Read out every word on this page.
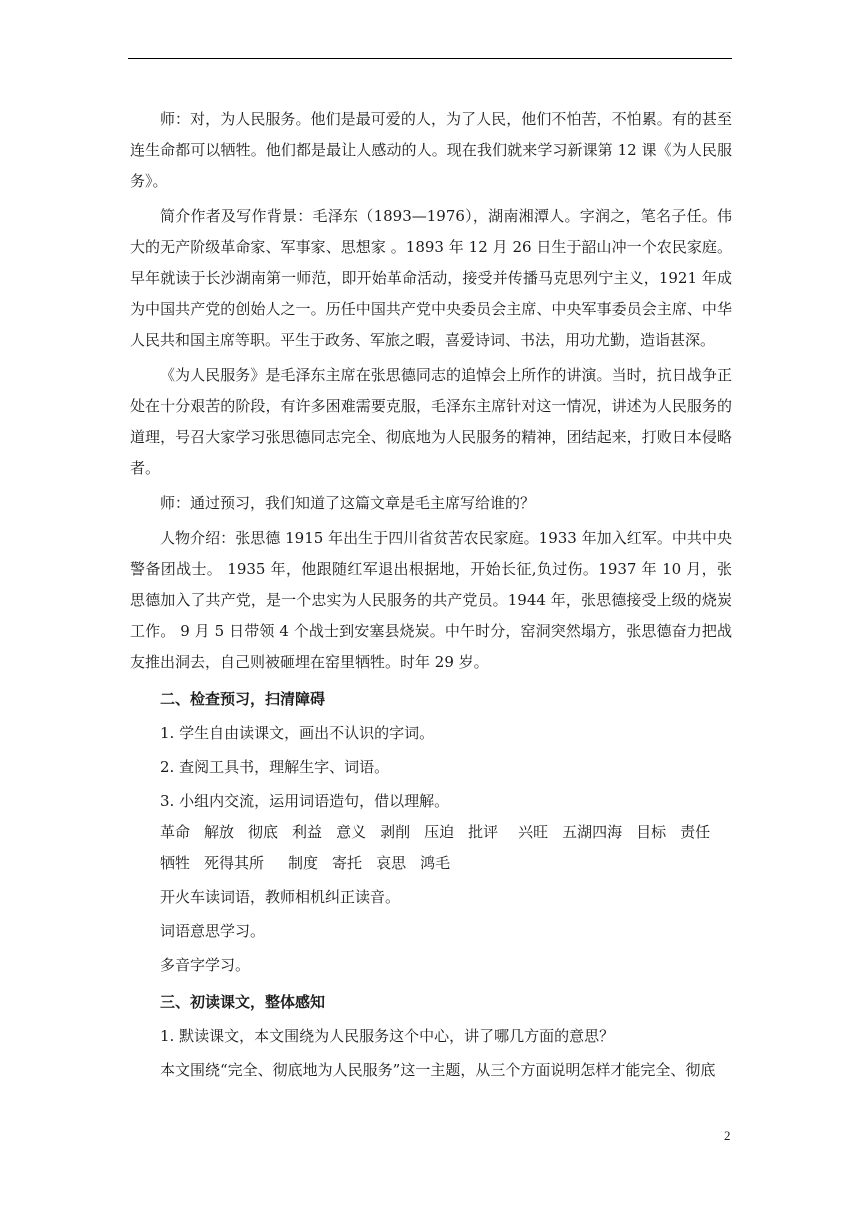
师：对，为人民服务。他们是最可爱的人，为了人民，他们不怕苦，不怕累。有的甚至连生命都可以牺牲。他们都是最让人感动的人。现在我们就来学习新课第 12 课《为人民服务》。

简介作者及写作背景：毛泽东（1893—1976），湖南湘潭人。字润之，笔名子任。伟大的无产阶级革命家、军事家、思想家 。1893 年 12 月 26 日生于韶山冲一个农民家庭。早年就读于长沙湖南第一师范，即开始革命活动，接受并传播马克思列宁主义，1921 年成为中国共产党的创始人之一。历任中国共产党中央委员会主席、中央军事委员会主席、中华人民共和国主席等职。平生于政务、军旅之暇，喜爱诗词、书法，用功尤勤，造诣甚深。

《为人民服务》是毛泽东主席在张思德同志的追悼会上所作的讲演。当时，抗日战争正处在十分艰苦的阶段，有许多困难需要克服，毛泽东主席针对这一情况，讲述为人民服务的道理，号召大家学习张思德同志完全、彻底地为人民服务的精神，团结起来，打败日本侵略者。

师：通过预习，我们知道了这篇文章是毛主席写给谁的？

人物介绍：张思德 1915 年出生于四川省贫苦农民家庭。1933 年加入红军。中共中央警备团战士。 1935 年，他跟随红军退出根据地，开始长征,负过伤。1937 年 10 月，张思德加入了共产党，是一个忠实为人民服务的共产党员。1944 年，张思德接受上级的烧炭工作。 9 月 5 日带领 4 个战士到安塞县烧炭。中午时分，窑洞突然塌方，张思德奋力把战友推出洞去，自己则被砸埋在窑里牺牲。时年 29 岁。

二、检查预习，扫清障碍

1. 学生自由读课文，画出不认识的字词。

2. 查阅工具书，理解生字、词语。

3. 小组内交流，运用词语造句，借以理解。

革命 解放 彻底 利益 意义 剥削 压迫 批评 兴旺 五湖四海 目标 责任

牺牲 死得其所 制度 寄托 哀思 鸿毛

开火车读词语，教师相机纠正读音。

词语意思学习。

多音字学习。

三、初读课文，整体感知

1. 默读课文，本文围绕为人民服务这个中心，讲了哪几方面的意思？

本文围绕“完全、彻底地为人民服务”这一主题，从三个方面说明怎样才能完全、彻底

2
